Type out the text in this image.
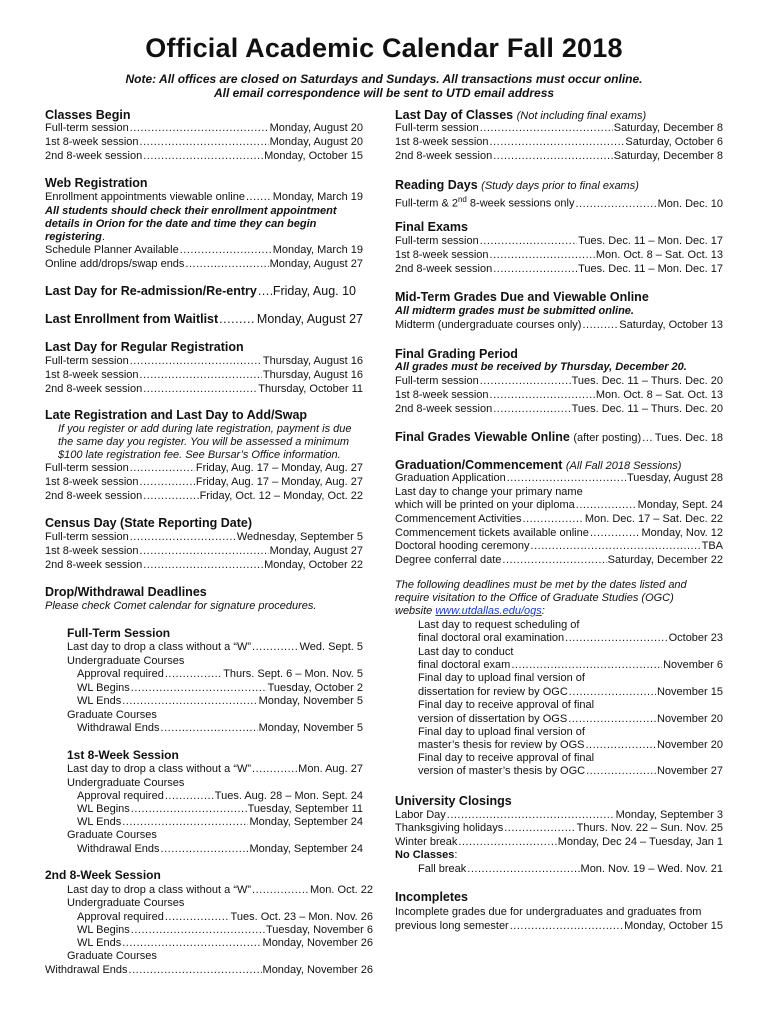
Official Academic Calendar Fall 2018
Note: All offices are closed on Saturdays and Sundays. All transactions must occur online.
All email correspondence will be sent to UTD email address
Classes Begin
Full-term session .....	Monday, August 20
1st 8-week session .....	Monday, August 20
2nd 8-week session .....	Monday, October 15
Web Registration
Enrollment appointments viewable online .....	Monday, March 19
All students should check their enrollment appointment
details in Orion for the date and time they can begin
registering.
Schedule Planner Available .....	Monday, March 19
Online add/drops/swap ends .....	Monday, August 27
Last Day for Re-admission/Re-entry ..... Friday, Aug. 10
Last Enrollment from Waitlist .....	Monday, August 27
Last Day for Regular Registration
Full-term session .....	Thursday, August 16
1st 8-week session .....	Thursday, August 16
2nd 8-week session .....	Thursday, October 11
Late Registration and Last Day to Add/Swap
If you register or add during late registration, payment is due
the same day you register. You will be assessed a minimum
$100 late registration fee. See Bursar’s Office information.
Full-term session .....	Friday, Aug. 17 – Monday, Aug. 27
1st 8-week session .....	Friday, Aug. 17 – Monday, Aug. 27
2nd 8-week session .....	Friday, Oct. 12 – Monday, Oct. 22
Census Day (State Reporting Date)
Full-term session .....	Wednesday, September 5
1st 8-week session .....	Monday, August 27
2nd 8-week session .....	Monday, October 22
Drop/Withdrawal Deadlines
Please check Comet calendar for signature procedures.
Full-Term Session
Last day to drop a class without a “W” .....	Wed. Sept. 5
Undergraduate Courses
Approval required .....	Thurs. Sept. 6 – Mon. Nov. 5
WL Begins .....	Tuesday, October 2
WL Ends .....	Monday, November 5
Graduate Courses
Withdrawal Ends .....	Monday, November 5
1st 8-Week Session
Last day to drop a class without a “W” .....	Mon. Aug. 27
Undergraduate Courses
Approval required .....	Tues. Aug. 28 – Mon. Sept. 24
WL Begins .....	Tuesday, September 11
WL Ends .....	Monday, September 24
Graduate Courses
Withdrawal Ends .....	Monday, September 24
2nd 8-Week Session
Last day to drop a class without a “W” .....	Mon. Oct. 22
Undergraduate Courses
Approval required .....	Tues. Oct. 23 – Mon. Nov. 26
WL Begins .....	Tuesday, November 6
WL Ends .....	Monday, November 26
Graduate Courses
Withdrawal Ends .....	Monday, November 26
Last Day of Classes (Not including final exams)
Full-term session .....	Saturday, December 8
1st 8-week session .....	Saturday, October 6
2nd 8-week session .....	Saturday, December 8
Reading Days (Study days prior to final exams)
Full-term & 2nd 8-week sessions only .....	Mon. Dec. 10
Final Exams
Full-term session .....	Tues. Dec. 11 – Mon. Dec. 17
1st 8-week session .....	Mon. Oct. 8 – Sat. Oct. 13
2nd 8-week session .....	Tues. Dec. 11 – Mon. Dec. 17
Mid-Term Grades Due and Viewable Online
All midterm grades must be submitted online.
Midterm (undergraduate courses only) .....	Saturday, October 13
Final Grading Period
All grades must be received by Thursday, December 20.
Full-term session .....	Tues. Dec. 11 – Thurs. Dec. 20
1st 8-week session .....	Mon. Oct. 8 – Sat. Oct. 13
2nd 8-week session .....	Tues. Dec. 11 – Thurs. Dec. 20
Final Grades Viewable Online (after posting) ..... Tues. Dec. 18
Graduation/Commencement (All Fall 2018 Sessions)
Graduation Application .....	Tuesday, August 28
Last day to change your primary name
which will be printed on your diploma .....	Monday, Sept. 24
Commencement Activities .....	Mon. Dec. 17 – Sat. Dec. 22
Commencement tickets available online .....	Monday, Nov. 12
Doctoral hooding ceremony .....	TBA
Degree conferral date .....	Saturday, December 22
The following deadlines must be met by the dates listed and
require visitation to the Office of Graduate Studies (OGC)
website www.utdallas.edu/ogs:
Last day to request scheduling of
final doctoral oral examination .....	October 23
Last day to conduct
final doctoral exam .....	November 6
Final day to upload final version of
dissertation for review by OGC .....	November 15
Final day to receive approval of final
version of dissertation by OGS .....	November 20
Final day to upload final version of
master’s thesis for review by OGS .....	November 20
Final day to receive approval of final
version of master’s thesis by OGC .....	November 27
University Closings
Labor Day .....	Monday, September 3
Thanksgiving holidays .....	Thurs. Nov. 22 – Sun. Nov. 25
Winter break .....	Monday, Dec 24 – Tuesday, Jan 1
No Classes:
Fall break .....	Mon. Nov. 19 – Wed. Nov. 21
Incompletes
Incomplete grades due for undergraduates and graduates from
previous long semester .....	Monday, October 15
